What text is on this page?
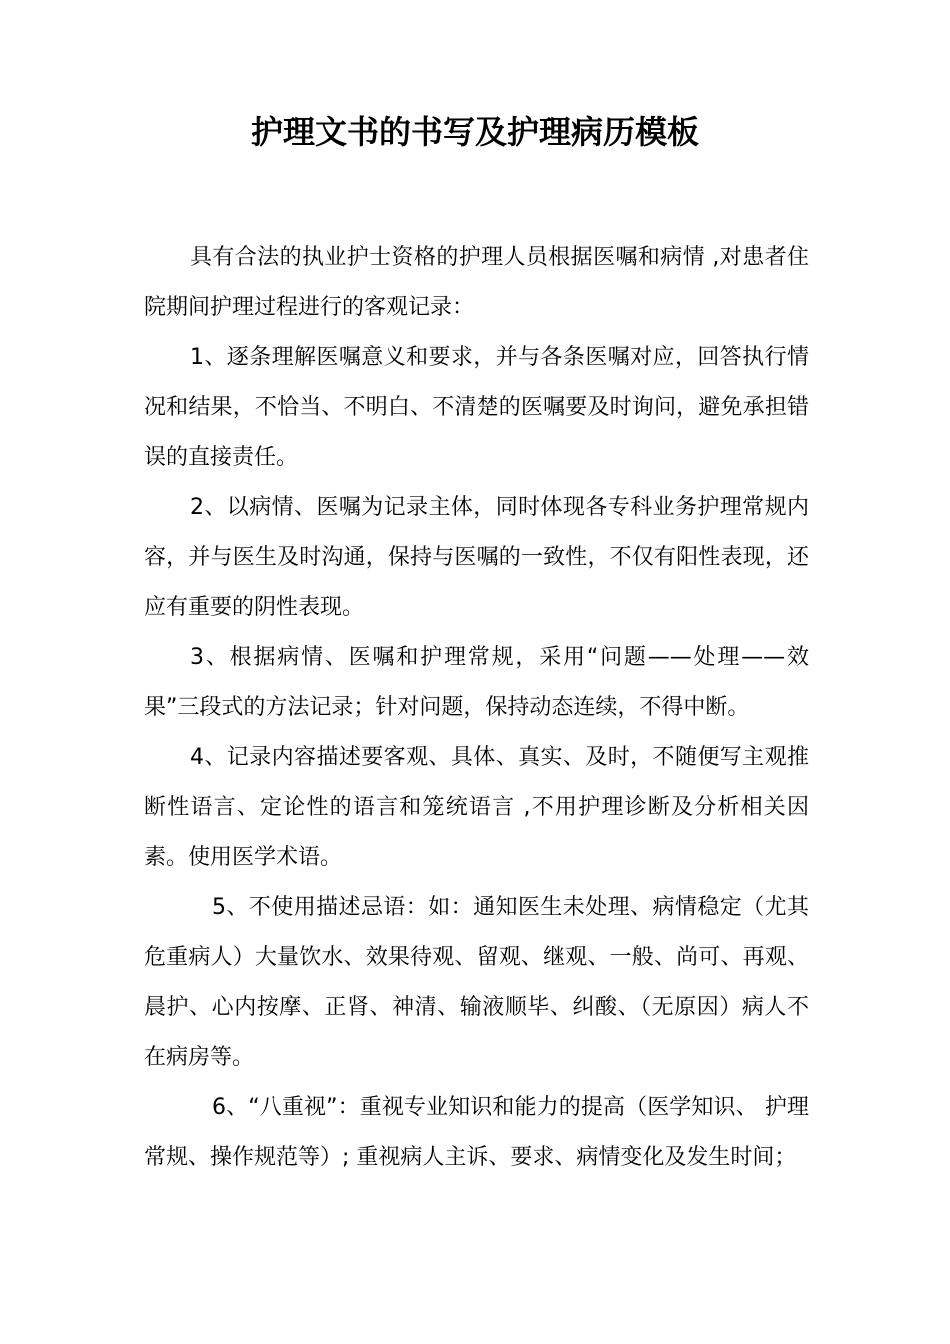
护理文书的书写及护理病历模板

具有合法的执业护士资格的护理人员根据医嘱和病情 ,对患者住院期间护理过程进行的客观记录：

1、逐条理解医嘱意义和要求，并与各条医嘱对应，回答执行情况和结果，不恰当、不明白、不清楚的医嘱要及时询问，避免承担错误的直接责任。

2、以病情、医嘱为记录主体，同时体现各专科业务护理常规内容，并与医生及时沟通，保持与医嘱的一致性，不仅有阳性表现，还应有重要的阴性表现。

3、根据病情、医嘱和护理常规，采用“问题——处理——效果”三段式的方法记录；针对问题，保持动态连续，不得中断。

4、记录内容描述要客观、具体、真实、及时，不随便写主观推断性语言、定论性的语言和笼统语言 ,不用护理诊断及分析相关因素。使用医学术语。

5、不使用描述忌语：如：通知医生未处理、病情稳定（尤其危重病人）大量饮水、效果待观、留观、继观、一般、尚可、再观、晨护、心内按摩、正肾、神清、输液顺毕、纠酸、（无原因）病人不在病房等。

6、“八重视”：重视专业知识和能力的提高（医学知识、 护理常规、操作规范等）; 重视病人主诉、要求、病情变化及发生时间；
